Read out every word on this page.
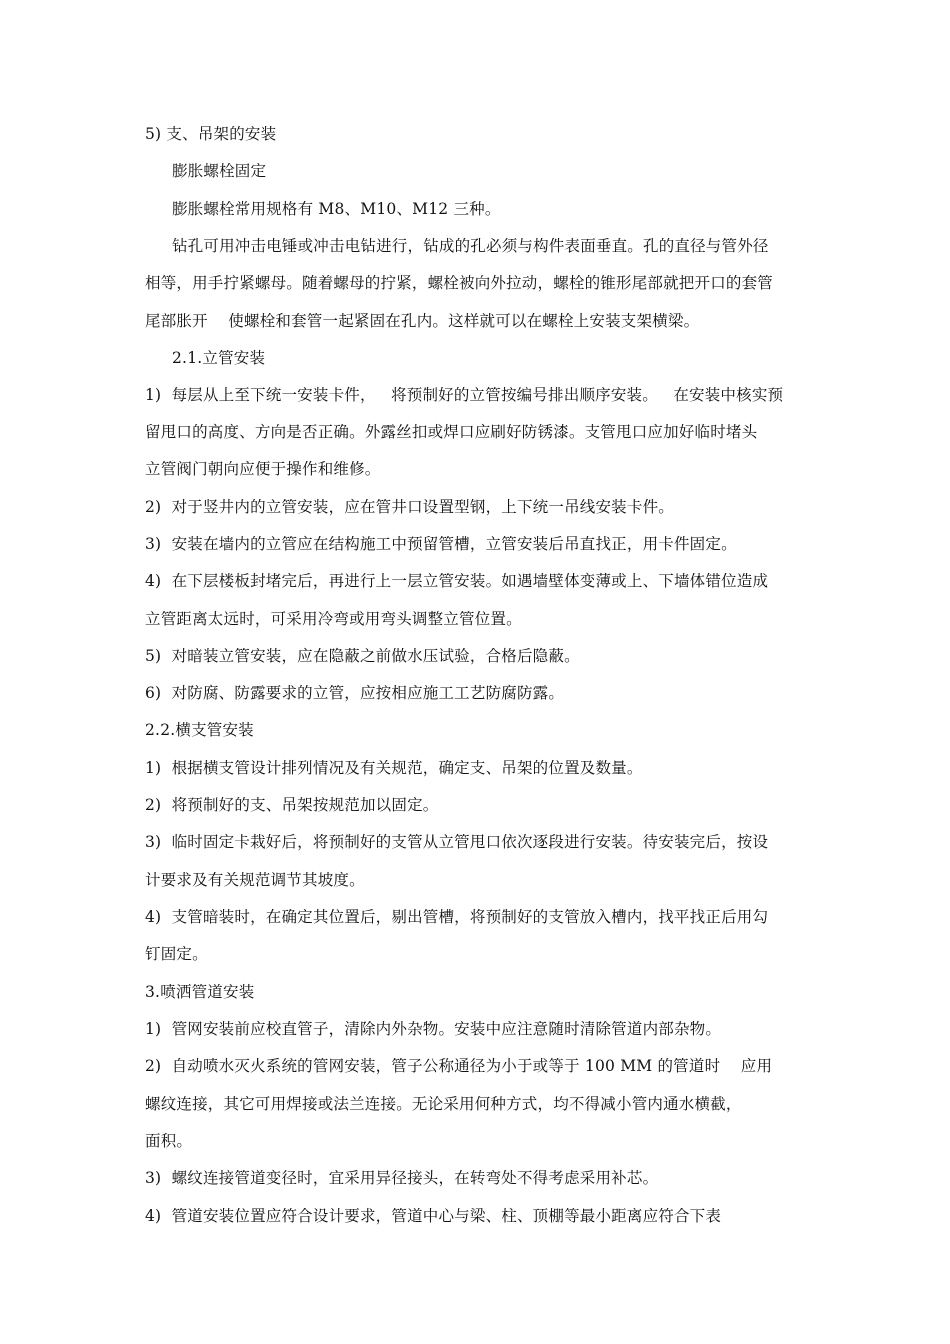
5) 支、吊架的安装
膨胀螺栓固定
膨胀螺栓常用规格有 M8、M10、M12 三种。
钻孔可用冲击电锤或冲击电钻进行，钻成的孔必须与构件表面垂直。孔的直径与管外径
相等，用手拧紧螺母。随着螺母的拧紧，螺栓被向外拉动，螺栓的锥形尾部就把开口的套管
尾部胀开    使螺栓和套管一起紧固在孔内。这样就可以在螺栓上安装支架横梁。
2.1.立管安装
1)  每层从上至下统一安装卡件，   将预制好的立管按编号排出顺序安装。   在安装中核实预
留甩口的高度、方向是否正确。外露丝扣或焊口应刷好防锈漆。支管甩口应加好临时堵头
立管阀门朝向应便于操作和维修。
2)  对于竖井内的立管安装，应在管井口设置型钢，上下统一吊线安装卡件。
3)  安装在墙内的立管应在结构施工中预留管槽，立管安装后吊直找正，用卡件固定。
4)  在下层楼板封堵完后，再进行上一层立管安装。如遇墙壁体变薄或上、下墙体错位造成
立管距离太远时，可采用冷弯或用弯头调整立管位置。
5)  对暗装立管安装，应在隐蔽之前做水压试验，合格后隐蔽。
6)  对防腐、防露要求的立管，应按相应施工工艺防腐防露。
2.2.横支管安装
1)  根据横支管设计排列情况及有关规范，确定支、吊架的位置及数量。
2)  将预制好的支、吊架按规范加以固定。
3)  临时固定卡栽好后，将预制好的支管从立管甩口依次逐段进行安装。待安装完后，按设
计要求及有关规范调节其坡度。
4)  支管暗装时，在确定其位置后，剔出管槽，将预制好的支管放入槽内，找平找正后用勾
钉固定。
3.喷洒管道安装
1)  管网安装前应校直管子，清除内外杂物。安装中应注意随时清除管道内部杂物。
2)  自动喷水灭火系统的管网安装，管子公称通径为小于或等于 100 MM 的管道时    应用
螺纹连接，其它可用焊接或法兰连接。无论采用何种方式，均不得减小管内通水横截，
面积。
3)  螺纹连接管道变径时，宜采用异径接头，在转弯处不得考虑采用补芯。
4)  管道安装位置应符合设计要求，管道中心与梁、柱、顶棚等最小距离应符合下表
